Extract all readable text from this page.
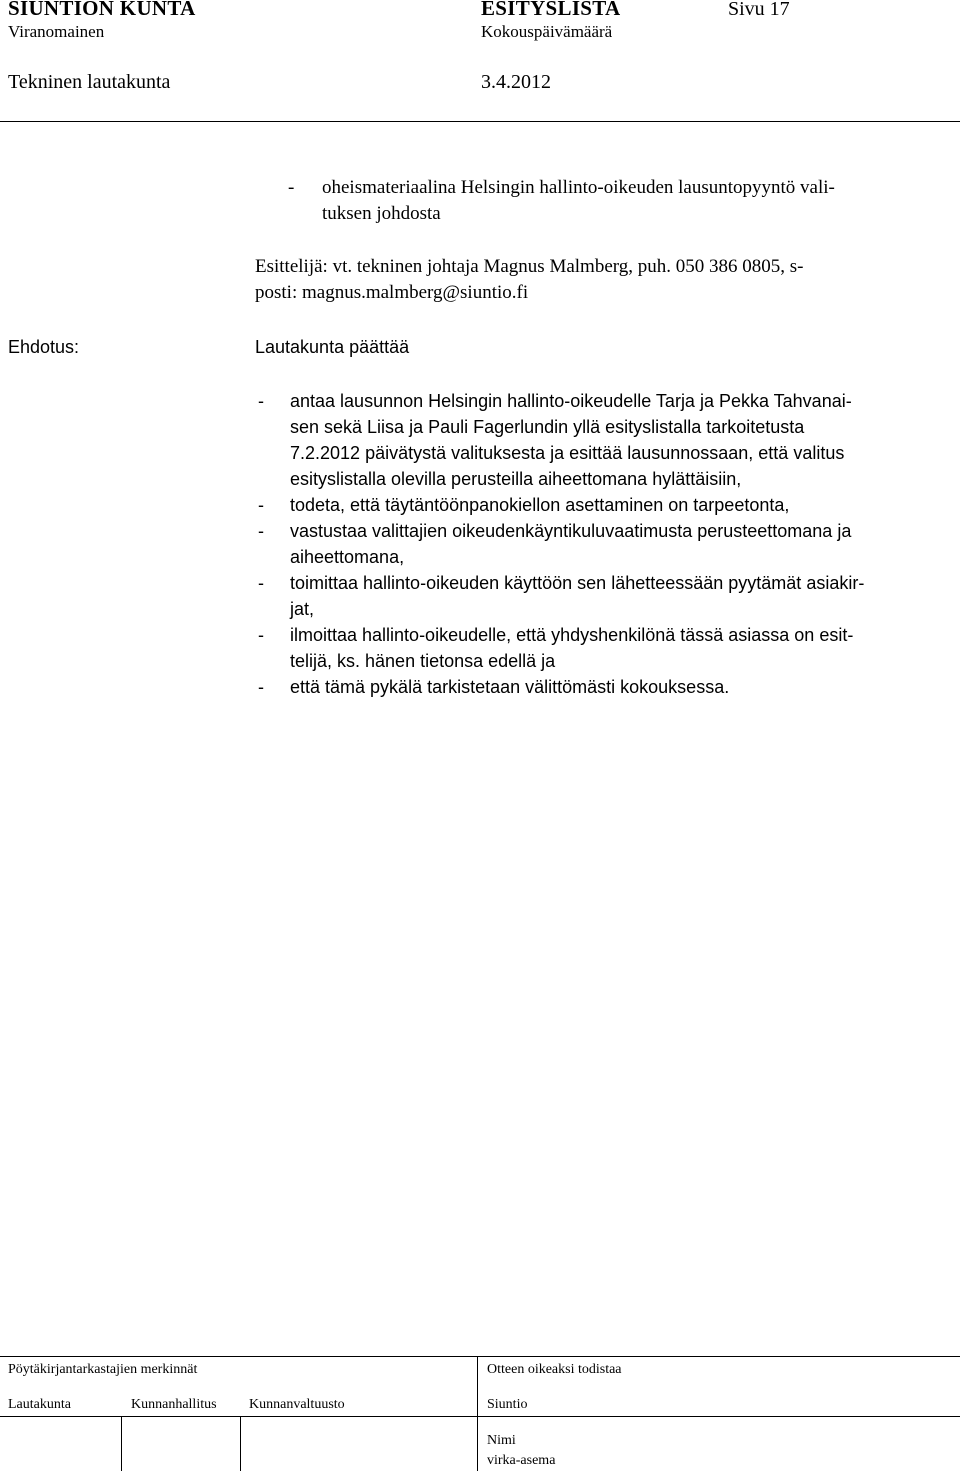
SIUNTION KUNTA	ESITYSLISTA	Sivu 17
Viranomainen	Kokouspäivämäärä
Tekninen lautakunta	3.4.2012
- oheismateriaalina Helsingin hallinto-oikeuden lausuntopyyntö vali-
tuksen johdosta
Esittelijä: vt. tekninen johtaja Magnus Malmberg, puh. 050 386 0805, s-
posti: magnus.malmberg@siuntio.fi
Ehdotus:	Lautakunta päättää
- antaa lausunnon Helsingin hallinto-oikeudelle Tarja ja Pekka Tahvanai-
sen sekä Liisa ja Pauli Fagerlundin yllä esityslistalla tarkoitetusta
7.2.2012 päivätystä valituksesta ja esittää lausunnossaan, että valitus
esityslistalla olevilla perusteilla aiheettomana hylättäisiin,
- todeta, että täytäntöönpanokiellon asettaminen on tarpeetonta,
- vastustaa valittajien oikeudenkäyntikuluvaatimusta perusteettomana ja
aiheettomana,
- toimittaa hallinto-oikeuden käyttöön sen lähetteessään pyytämät asiakir-
jat,
- ilmoittaa hallinto-oikeudelle, että yhdyshenkilönä tässä asiassa on esit-
telijä, ks. hänen tietonsa edellä ja
- että tämä pykälä tarkistetaan välittömästi kokouksessa.
Pöytäkirjantarkastajien merkinnät	Otteen oikeaksi todistaa
Lautakunta	Kunnanhallitus Kunnanvaltuusto	Siuntio
Nimi
virka-asema
